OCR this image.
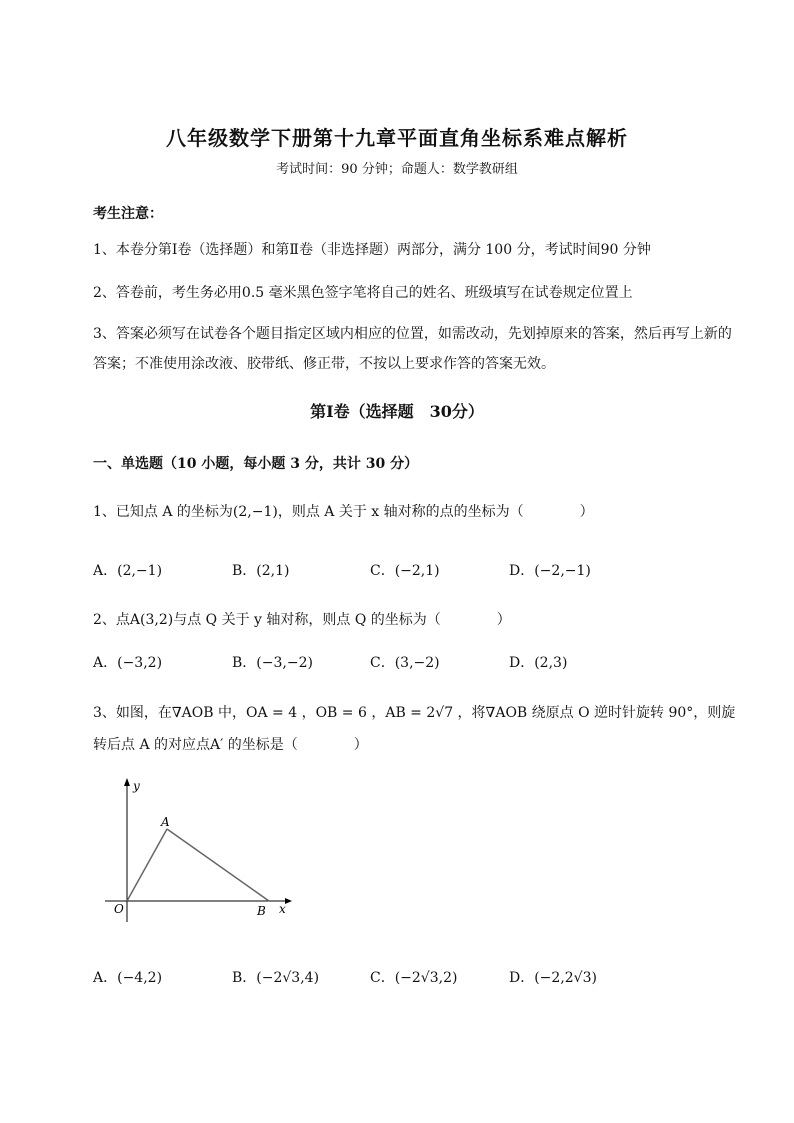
八年级数学下册第十九章平面直角坐标系难点解析
考试时间：90 分钟；命题人：数学教研组
考生注意：
1、本卷分第Ⅰ卷（选择题）和第Ⅱ卷（非选择题）两部分，满分 100 分，考试时间90 分钟
2、答卷前，考生务必用0.5 毫米黑色签字笔将自己的姓名、班级填写在试卷规定位置上
3、答案必须写在试卷各个题目指定区域内相应的位置，如需改动，先划掉原来的答案，然后再写上新的答案；不准使用涂改液、胶带纸、修正带，不按以上要求作答的答案无效。
第Ⅰ卷（选择题　30分）
一、单选题（10 小题，每小题 3 分，共计 30 分）
1、已知点 A 的坐标为(2,−1)，则点 A 关于 x 轴对称的点的坐标为（　　　　）
A．(2,−1)	B．(2,1)	C．(−2,1)	D．(−2,−1)
2、点A(3,2)与点 Q 关于 y 轴对称，则点 Q 的坐标为（　　　　）
A．(−3,2)	B．(−3,−2)	C．(3,−2)	D．(2,3)
3、如图，在∇AOB 中，OA = 4 ，OB = 6 ，AB = 2√7 ，将∇AOB 绕原点 O 逆时针旋转 90°，则旋转后点 A 的对应点A′ 的坐标是（　　　　）
y
x
A
O	B
A．(−4,2)	B．(−2√3,4)	C．(−2√3,2)	D．(−2,2√3)
